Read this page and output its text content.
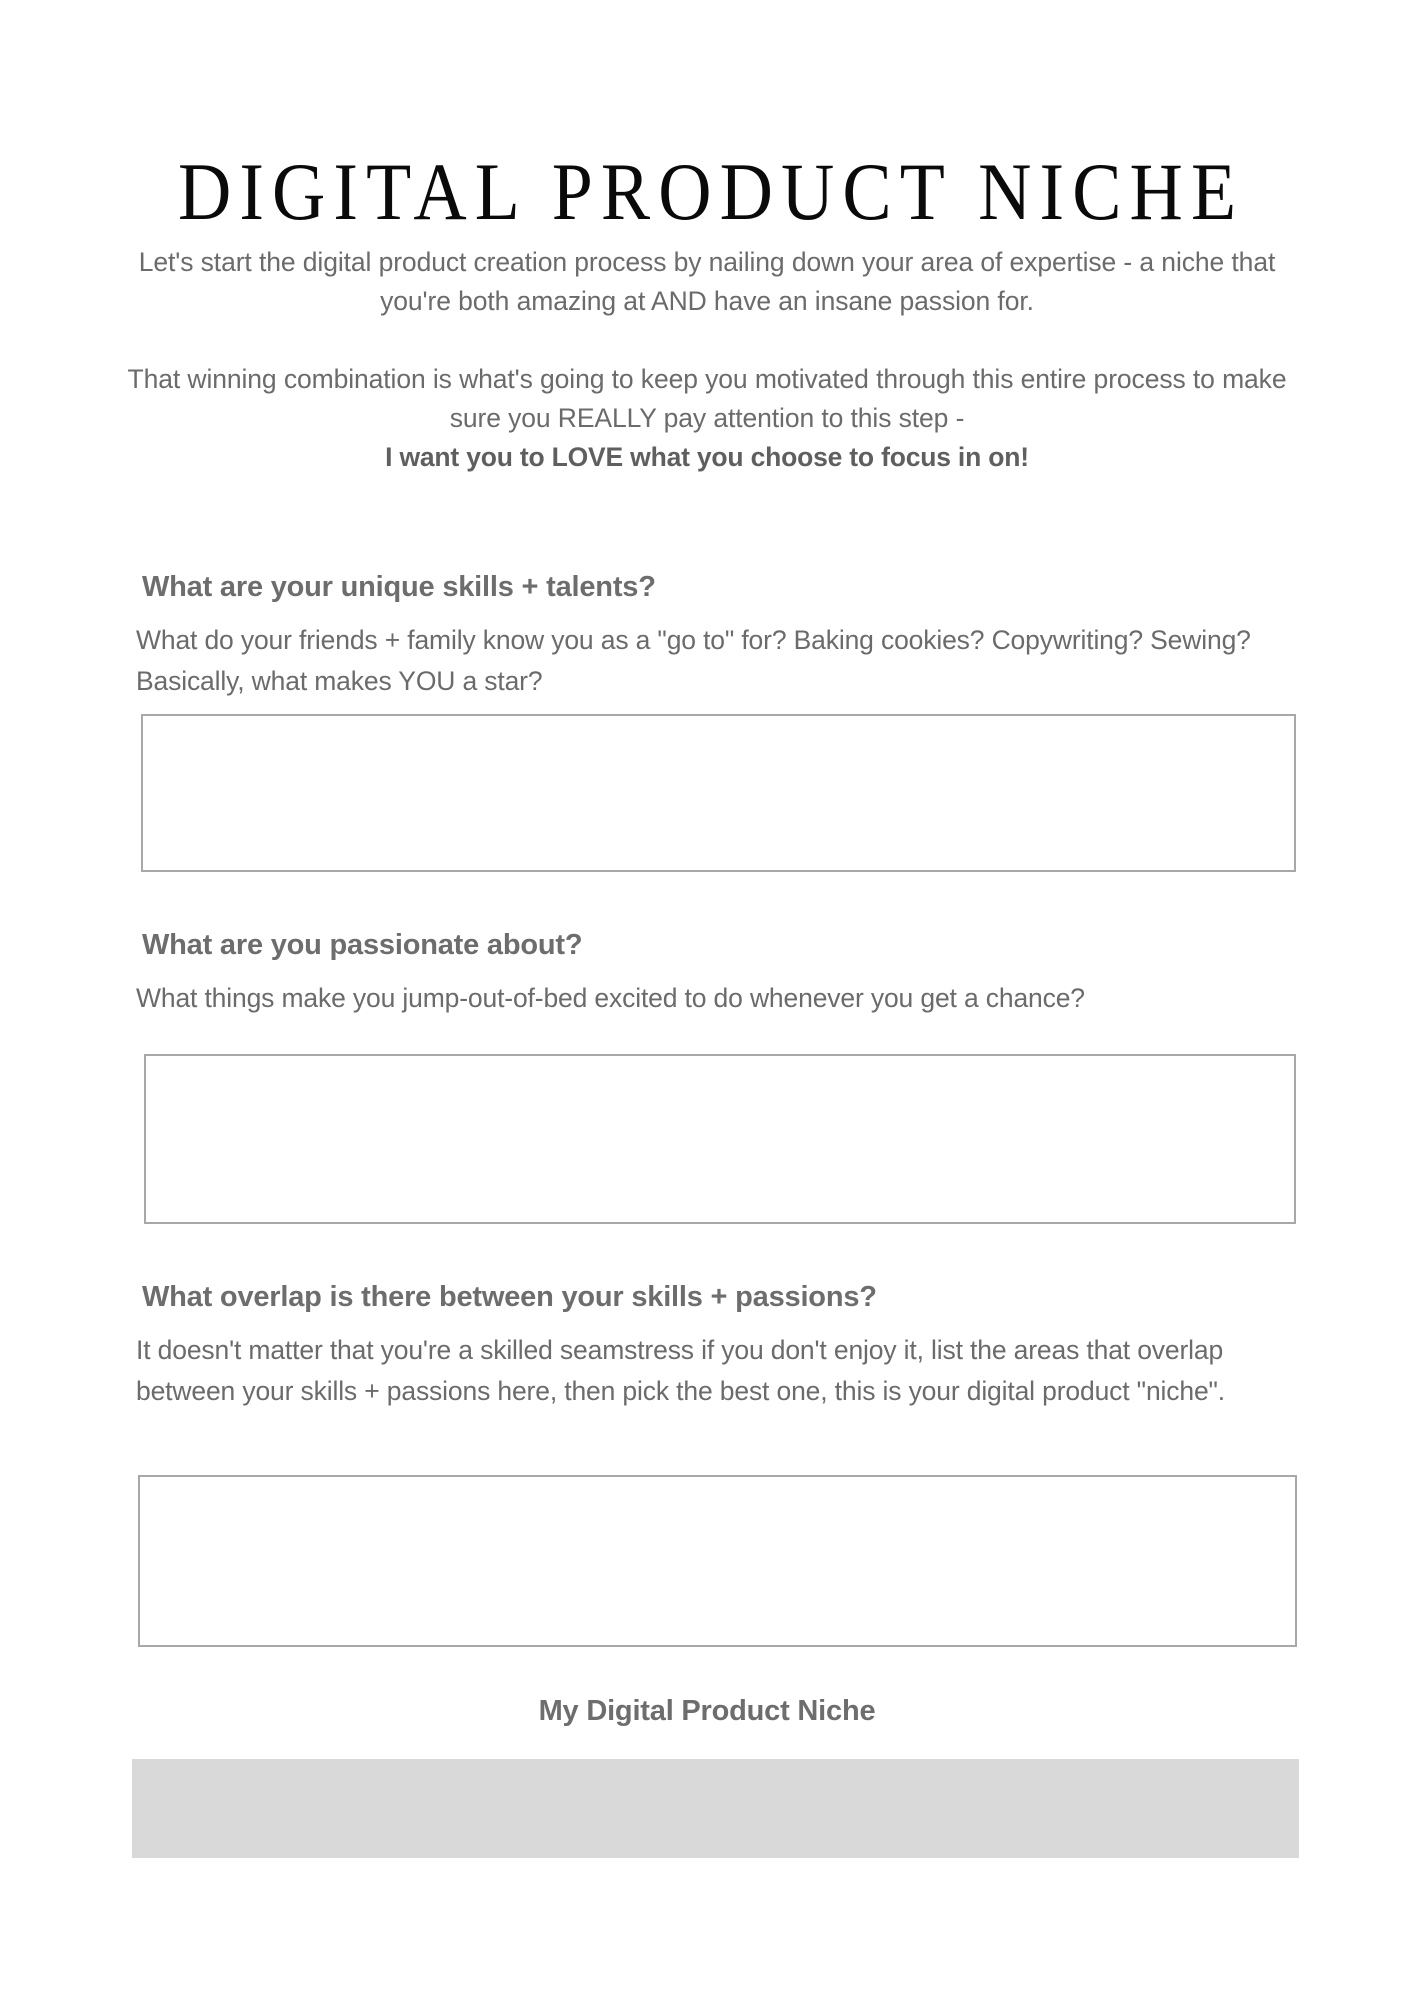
DIGITAL PRODUCT NICHE

Let's start the digital product creation process by nailing down your area of expertise - a niche that you're both amazing at AND have an insane passion for.

That winning combination is what's going to keep you motivated through this entire process to make sure you REALLY pay attention to this step -

I want you to LOVE what you choose to focus in on!

What are your unique skills + talents?

What do your friends + family know you as a "go to" for? Baking cookies? Copywriting? Sewing? Basically, what makes YOU a star?

What are you passionate about?

What things make you jump-out-of-bed excited to do whenever you get a chance?

What overlap is there between your skills + passions?

It doesn't matter that you're a skilled seamstress if you don't enjoy it, list the areas that overlap between your skills + passions here, then pick the best one, this is your digital product "niche".

My Digital Product Niche
